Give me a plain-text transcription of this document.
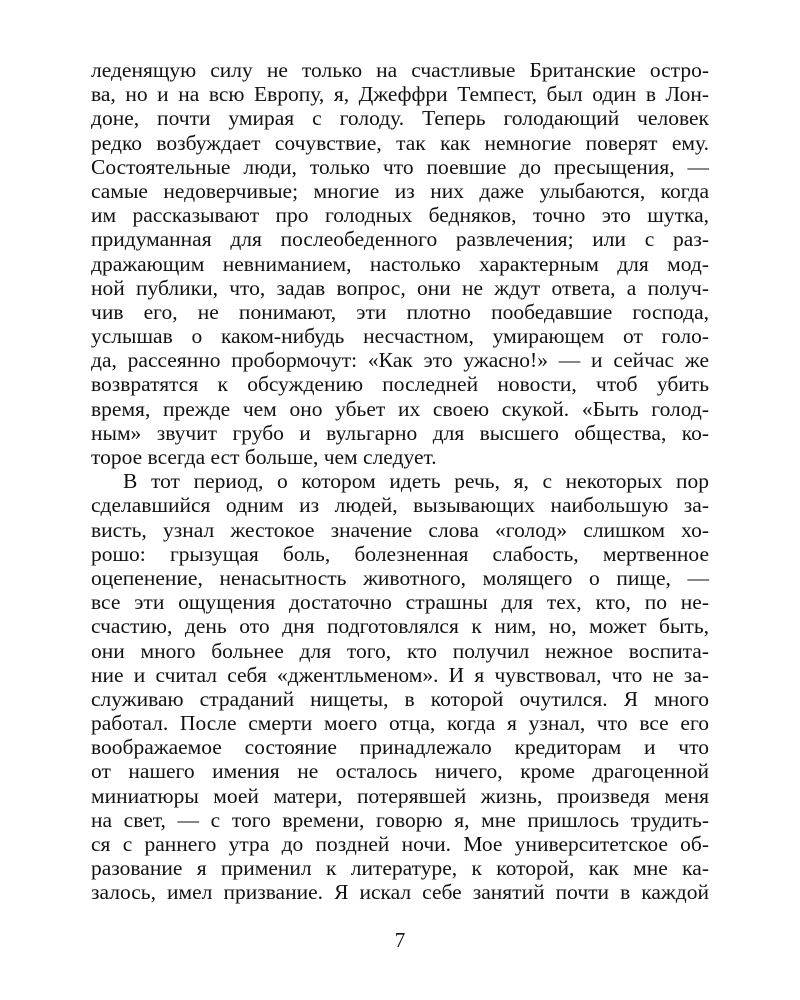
леденящую силу не только на счастливые Британские остро-
ва, но и на всю Европу, я, Джеффри Темпест, был один в Лон-
доне, почти умирая с голоду. Теперь голодающий человек
редко возбуждает сочувствие, так как немногие поверят ему.
Состоятельные люди, только что поевшие до пресыщения, —
самые недоверчивые; многие из них даже улыбаются, когда
им рассказывают про голодных бедняков, точно это шутка,
придуманная для послеобеденного развлечения; или с раз-
дражающим невниманием, настолько характерным для мод-
ной публики, что, задав вопрос, они не ждут ответа, а получ-
чив его, не понимают, эти плотно пообедавшие господа,
услышав о каком-нибудь несчастном, умирающем от голо-
да, рассеянно пробормочут: «Как это ужасно!» — и сейчас же
возвратятся к обсуждению последней новости, чтоб убить
время, прежде чем оно убьет их своею скукой. «Быть голод-
ным» звучит грубо и вульгарно для высшего общества, ко-
торое всегда ест больше, чем следует.
В тот период, о котором идеть речь, я, с некоторых пор
сделавшийся одним из людей, вызывающих наибольшую за-
висть, узнал жестокое значение слова «голод» слишком хо-
рошо: грызущая боль, болезненная слабость, мертвенное
оцепенение, ненасытность животного, молящего о пище, —
все эти ощущения достаточно страшны для тех, кто, по не-
счастию, день ото дня подготовлялся к ним, но, может быть,
они много больнее для того, кто получил нежное воспита-
ние и считал себя «джентльменом». И я чувствовал, что не за-
служиваю страданий нищеты, в которой очутился. Я много
работал. После смерти моего отца, когда я узнал, что все его
воображаемое состояние принадлежало кредиторам и что
от нашего имения не осталось ничего, кроме драгоценной
миниатюры моей матери, потерявшей жизнь, произведя меня
на свет, — с того времени, говорю я, мне пришлось трудить-
ся с раннего утра до поздней ночи. Мое университетское об-
разование я применил к литературе, к которой, как мне ка-
залось, имел призвание. Я искал себе занятий почти в каждой
7
